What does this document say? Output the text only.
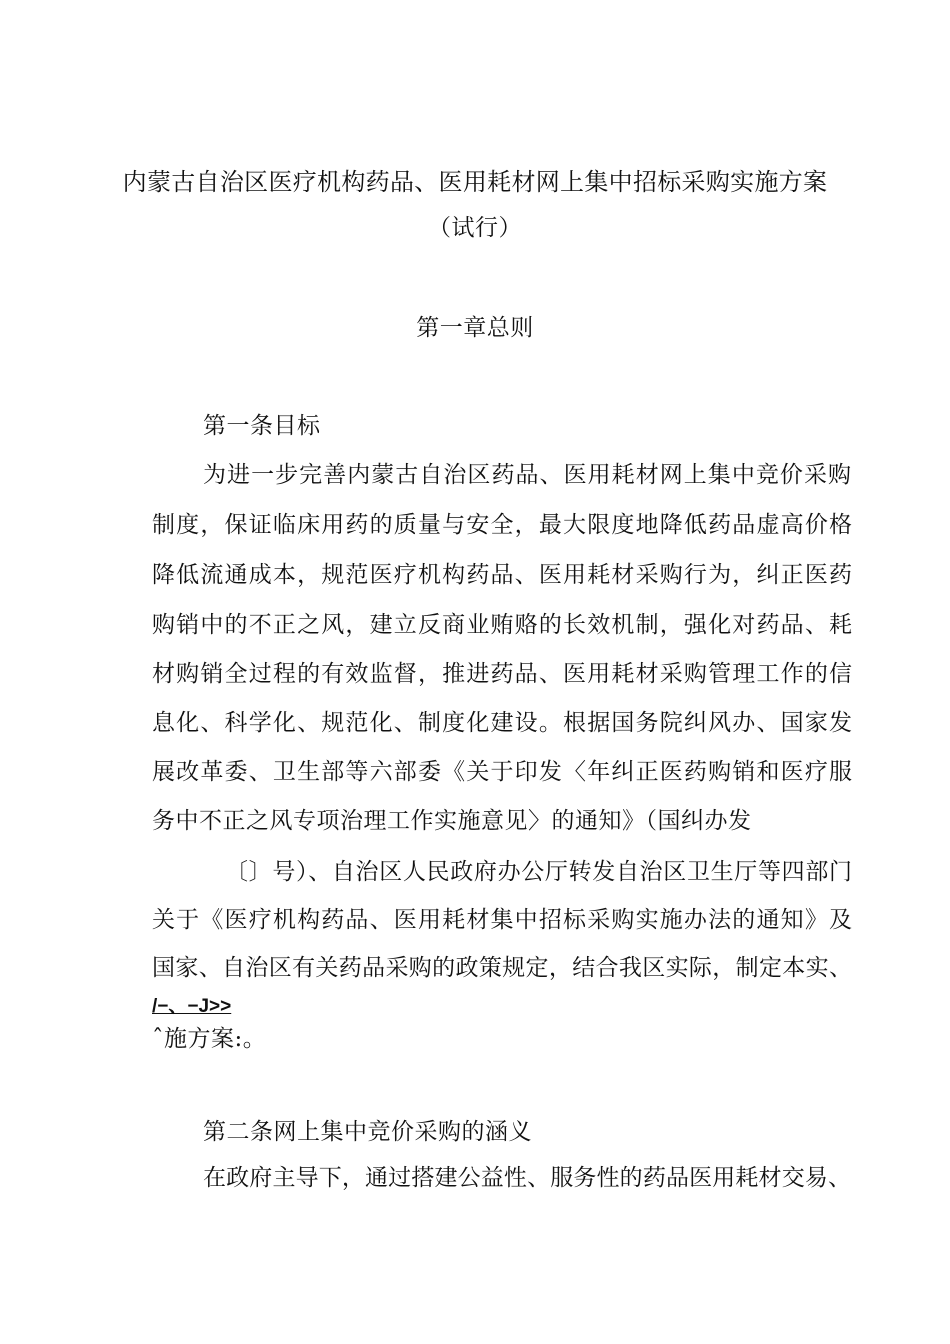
内蒙古自治区医疗机构药品、医用耗材网上集中招标采购实施方案
（试行）
第一章总则
第一条目标
为进一步完善内蒙古自治区药品、医用耗材网上集中竞价采购
制度，保证临床用药的质量与安全，最大限度地降低药品虚高价格
降低流通成本，规范医疗机构药品、医用耗材采购行为，纠正医药
购销中的不正之风，建立反商业贿赂的长效机制，强化对药品、耗
材购销全过程的有效监督，推进药品、医用耗材采购管理工作的信
息化、科学化、规范化、制度化建设。根据国务院纠风办、国家发
展改革委、卫生部等六部委《关于印发〈年纠正医药购销和医疗服
务中不正之风专项治理工作实施意见〉的通知》（国纠办发
〔〕号）、自治区人民政府办公厅转发自治区卫生厅等四部门
关于《医疗机构药品、医用耗材集中招标采购实施办法的通知》及
国家、自治区有关药品采购的政策规定，结合我区实际，制定本实、
/−、−J>>
ˆ施方案:。
第二条网上集中竞价采购的涵义
在政府主导下，通过搭建公益性、服务性的药品医用耗材交易、
